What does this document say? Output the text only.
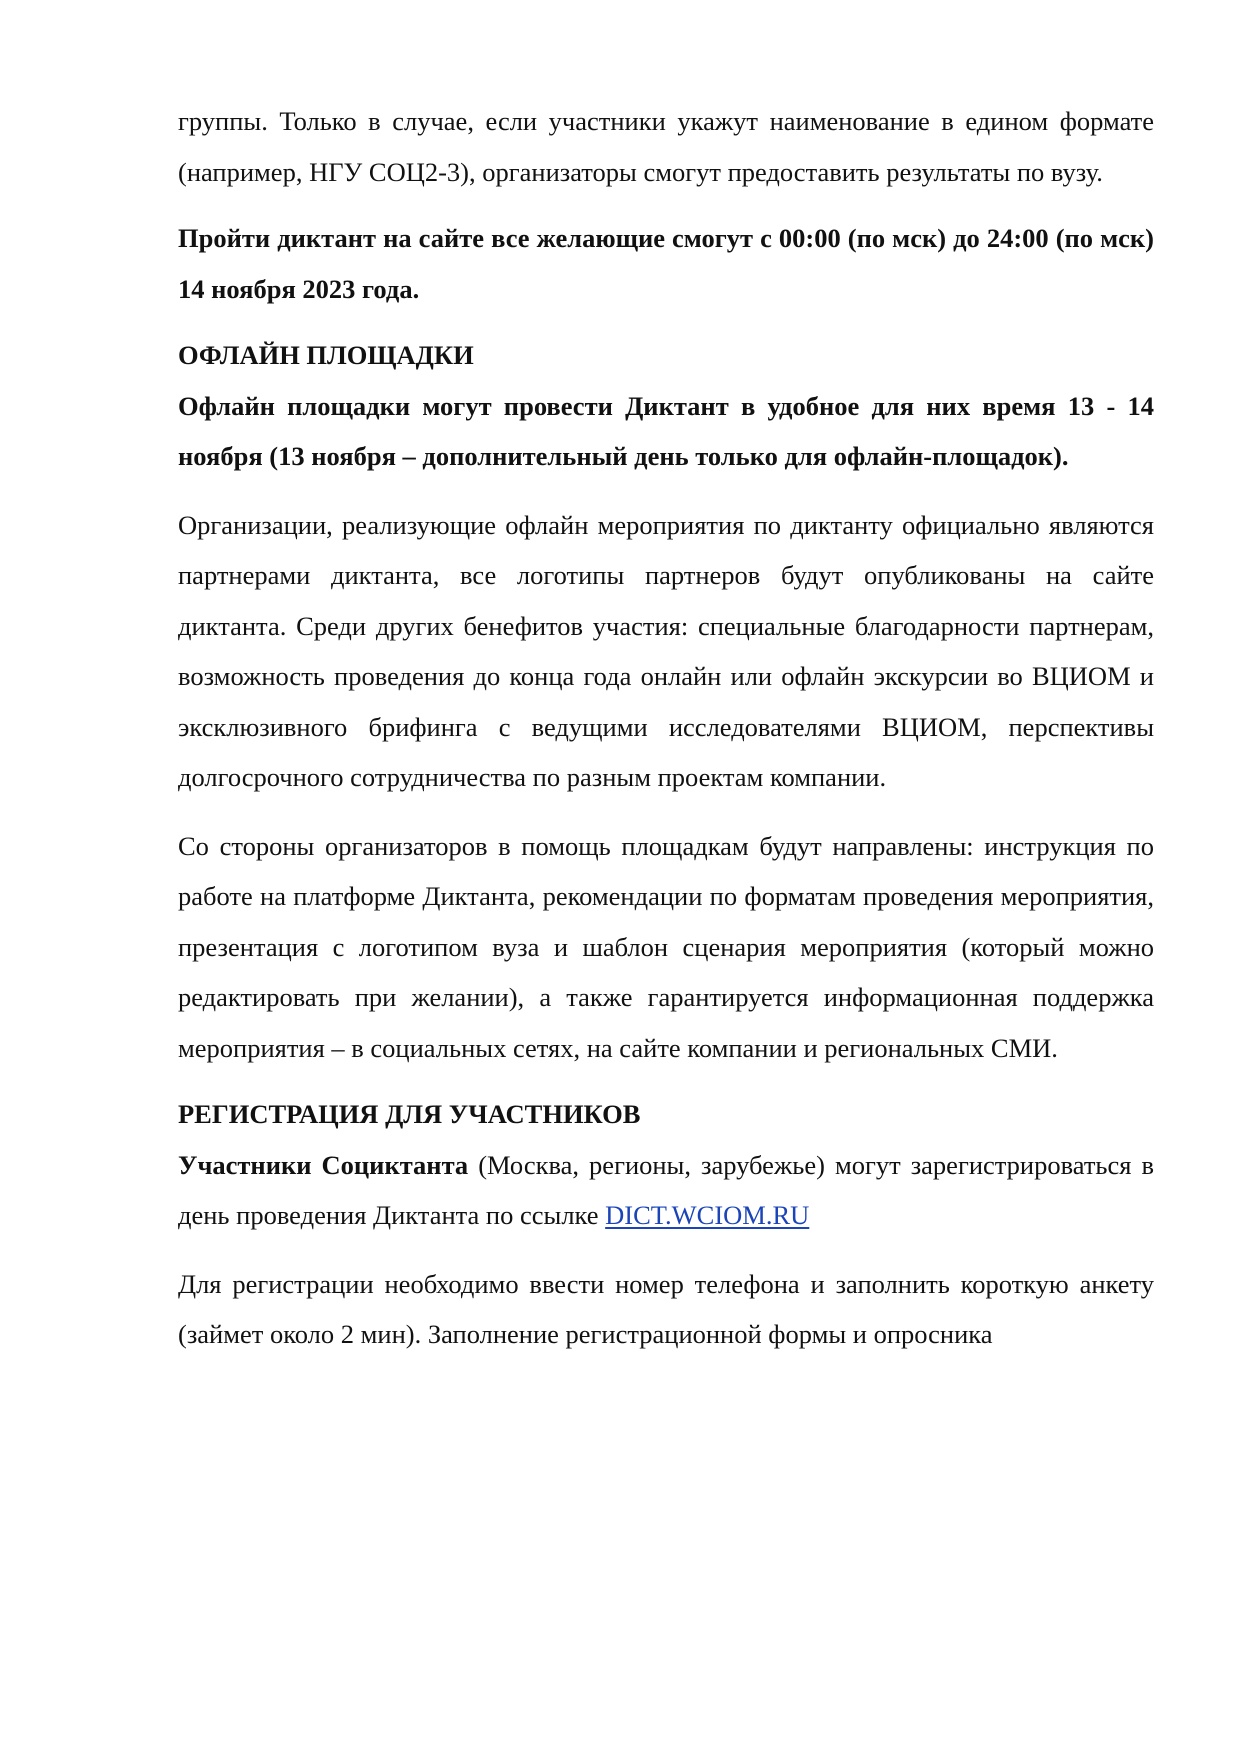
группы. Только в случае, если участники укажут наименование в едином формате (например, НГУ СОЦ2-3), организаторы смогут предоставить результаты по вузу.

Пройти диктант на сайте все желающие смогут с 00:00 (по мск) до 24:00 (по мск) 14 ноября 2023 года.

ОФЛАЙН ПЛОЩАДКИ

Офлайн площадки могут провести Диктант в удобное для них время 13 - 14 ноября (13 ноября – дополнительный день только для офлайн-площадок).

Организации, реализующие офлайн мероприятия по диктанту официально являются партнерами диктанта, все логотипы партнеров будут опубликованы на сайте диктанта. Среди других бенефитов участия: специальные благодарности партнерам, возможность проведения до конца года онлайн или офлайн экскурсии во ВЦИОМ и эксклюзивного брифинга с ведущими исследователями ВЦИОМ, перспективы долгосрочного сотрудничества по разным проектам компании.

Со стороны организаторов в помощь площадкам будут направлены: инструкция по работе на платформе Диктанта, рекомендации по форматам проведения мероприятия, презентация с логотипом вуза и шаблон сценария мероприятия (который можно редактировать при желании), а также гарантируется информационная поддержка мероприятия – в социальных сетях, на сайте компании и региональных СМИ.

РЕГИСТРАЦИЯ ДЛЯ УЧАСТНИКОВ

Участники Социктанта (Москва, регионы, зарубежье) могут зарегистрироваться в день проведения Диктанта по ссылке DICT.WCIOM.RU

Для регистрации необходимо ввести номер телефона и заполнить короткую анкету (займет около 2 мин). Заполнение регистрационной формы и опросника
